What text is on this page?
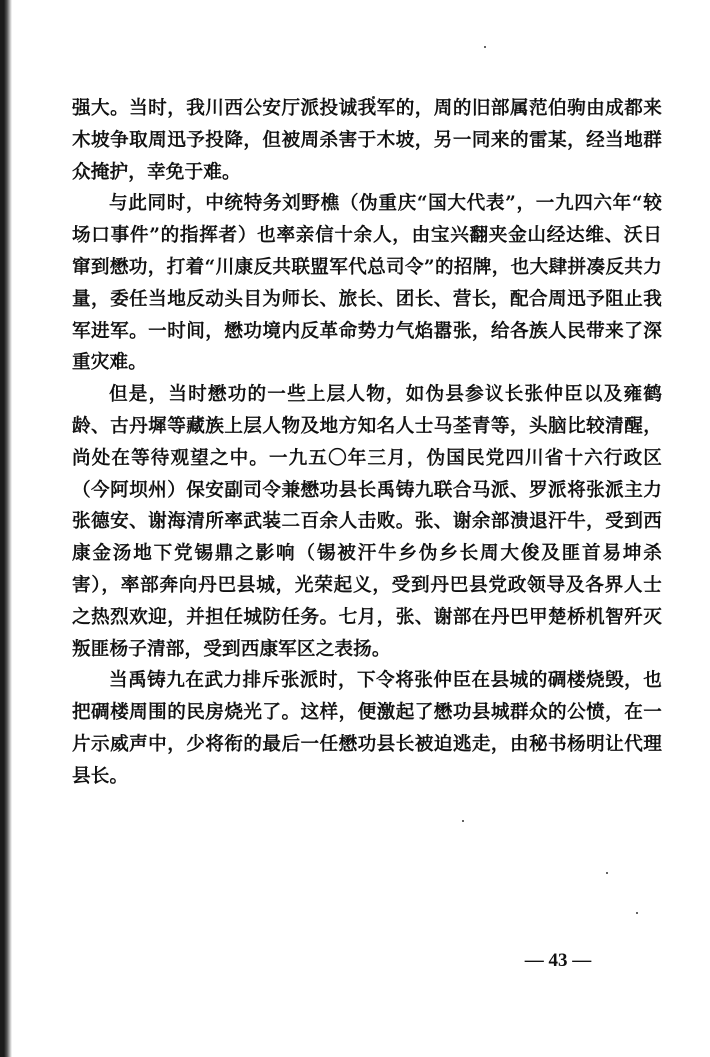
强大。当时，我川西公安厅派投诚我军的，周的旧部属范伯驹由成都来木坡争取周迅予投降，但被周杀害于木坡，另一同来的雷某，经当地群众掩护，幸免于难。

与此同时，中统特务刘野樵（伪重庆“国大代表”，一九四六年“较场口事件”的指挥者）也率亲信十余人，由宝兴翻夹金山经达维、沃日窜到懋功，打着“川康反共联盟军代总司令”的招牌，也大肆拼凑反共力量，委任当地反动头目为师长、旅长、团长、营长，配合周迅予阻止我军进军。一时间，懋功境内反革命势力气焰嚣张，给各族人民带来了深重灾难。

但是，当时懋功的一些上层人物，如伪县参议长张仲臣以及雍鹤龄、古丹墀等藏族上层人物及地方知名人士马荃青等，头脑比较清醒，尚处在等待观望之中。一九五〇年三月，伪国民党四川省十六行政区（今阿坝州）保安副司令兼懋功县长禹铸九联合马派、罗派将张派主力张德安、谢海清所率武装二百余人击败。张、谢余部溃退汗牛，受到西康金汤地下党锡鼎之影响（锡被汗牛乡伪乡长周大俊及匪首易坤杀害），率部奔向丹巴县城，光荣起义，受到丹巴县党政领导及各界人士之热烈欢迎，并担任城防任务。七月，张、谢部在丹巴甲楚桥机智歼灭叛匪杨子清部，受到西康军区之表扬。

当禹铸九在武力排斥张派时，下令将张仲臣在县城的碉楼烧毁，也把碉楼周围的民房烧光了。这样，便激起了懋功县城群众的公愤，在一片示威声中，少将衔的最后一任懋功县长被迫逃走，由秘书杨明让代理县长。

— 43 —
